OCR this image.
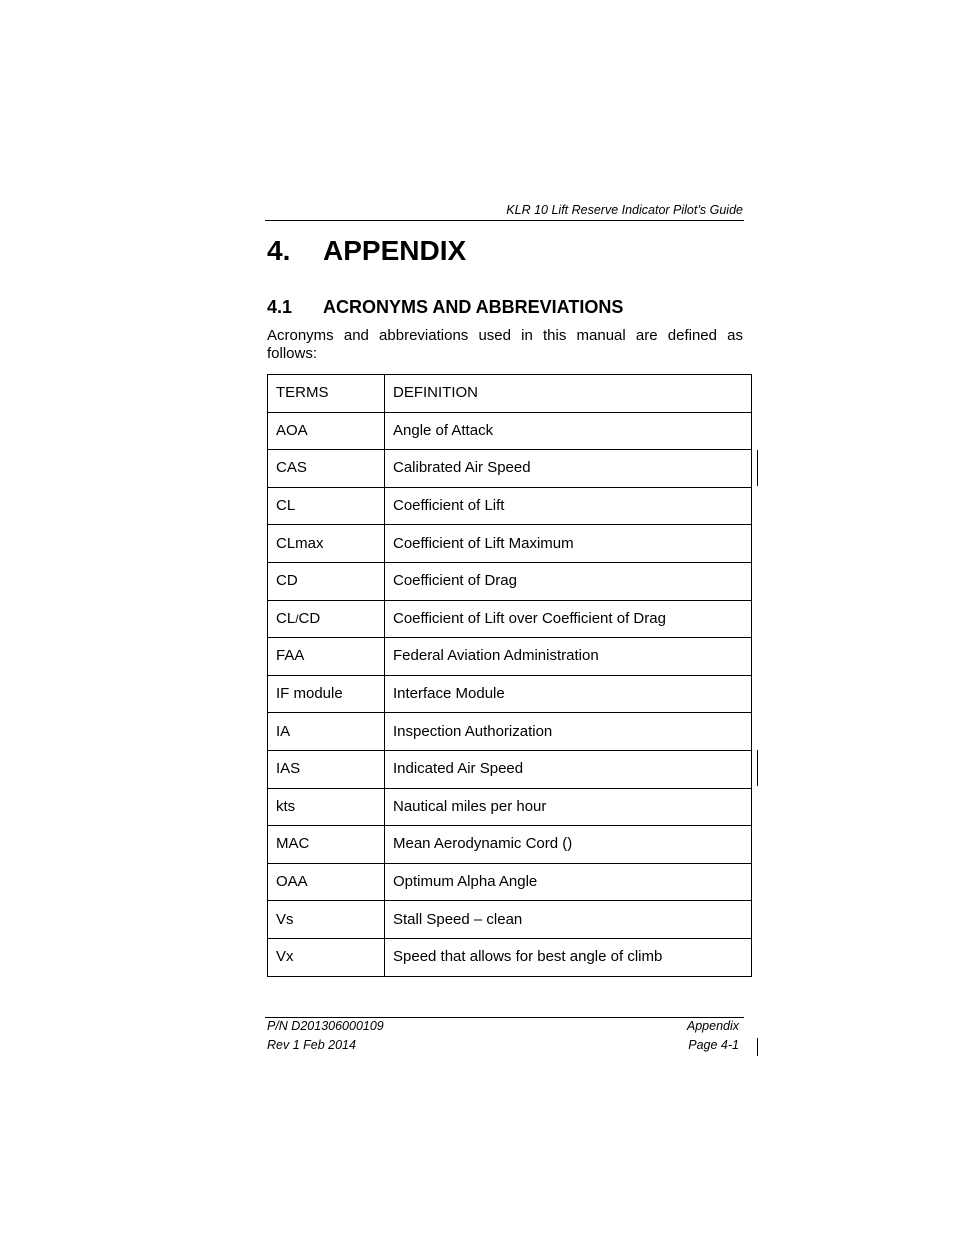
KLR 10 Lift Reserve Indicator Pilot’s Guide
4. APPENDIX
4.1 ACRONYMS AND ABBREVIATIONS
Acronyms and abbreviations used in this manual are defined as follows:
TERMS	DEFINITION
AOA	Angle of Attack
CAS	Calibrated Air Speed
CL	Coefficient of Lift
CLmax	Coefficient of Lift Maximum
CD	Coefficient of Drag
CL/CD	Coefficient of Lift over Coefficient of Drag
FAA	Federal Aviation Administration
IF module	Interface Module
IA	Inspection Authorization
IAS	Indicated Air Speed
kts	Nautical miles per hour
MAC	Mean Aerodynamic Cord ()
OAA	Optimum Alpha Angle
Vs	Stall Speed – clean
Vx	Speed that allows for best angle of climb
P/N D201306000109
Rev 1 Feb 2014
Appendix
Page 4-1
